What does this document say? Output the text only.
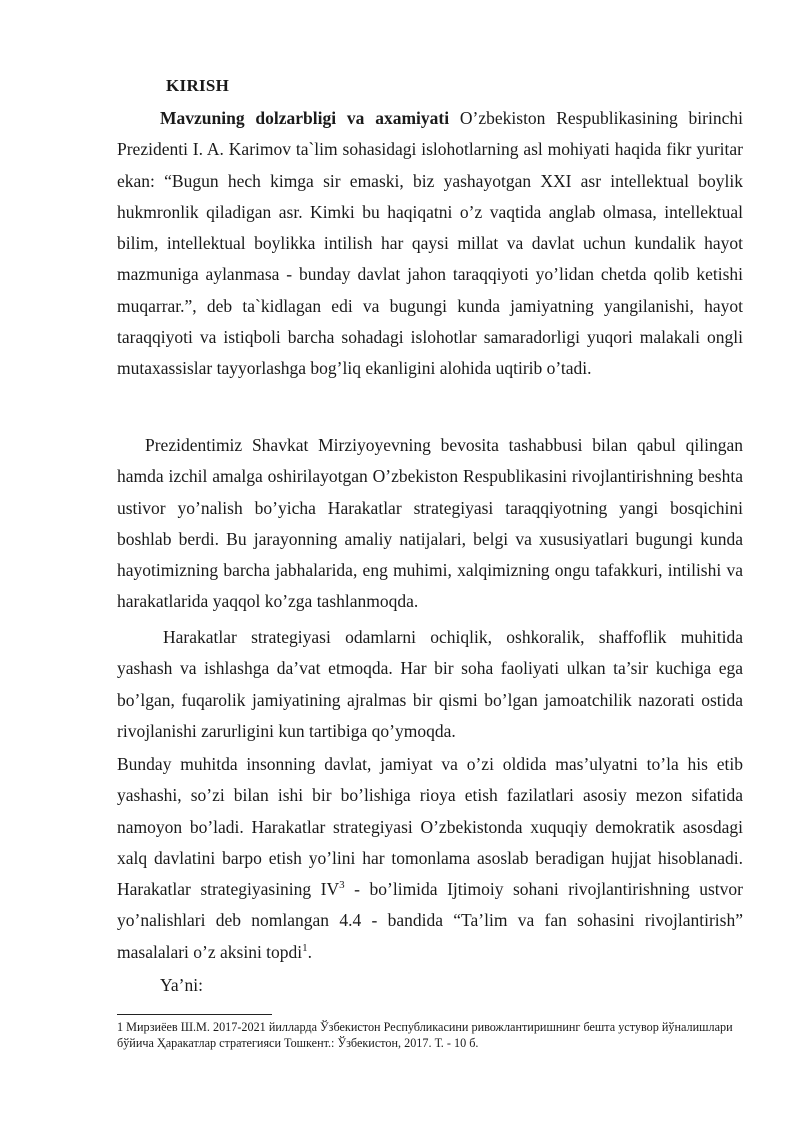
KIRISH

Mavzuning dolzarbligi va axamiyati O’zbekiston Respublikasining birinchi Prezidenti I. A. Karimov ta`lim sohasidagi islohotlarning asl mohiyati haqida fikr yuritar ekan: “Bugun hech kimga sir emaski, biz yashayotgan XXI asr intellektual boylik hukmronlik qiladigan asr. Kimki bu haqiqatni o’z vaqtida anglab olmasa, intellektual bilim, intellektual boylikka intilish har qaysi millat va davlat uchun kundalik hayot mazmuniga aylanmasa - bunday davlat jahon taraqqiyoti yo’lidan chetda qolib ketishi muqarrar.”, deb ta`kidlagan edi va bugungi kunda jamiyatning yangilanishi, hayot taraqqiyoti va istiqboli barcha sohadagi islohotlar samaradorligi yuqori malakali ongli mutaxassislar tayyorlashga bog’liq ekanligini alohida uqtirib o’tadi.

Prezidentimiz Shavkat Mirziyoyevning bevosita tashabbusi bilan qabul qilingan hamda izchil amalga oshirilayotgan O’zbekiston Respublikasini rivojlantirishning beshta ustivor yo’nalish bo’yicha Harakatlar strategiyasi taraqqiyotning yangi bosqichini boshlab berdi. Bu jarayonning amaliy natijalari, belgi va xususiyatlari bugungi kunda hayotimizning barcha jabhalarida, eng muhimi, xalqimizning ongu tafakkuri, intilishi va harakatlarida yaqqol ko’zga tashlanmoqda.

Harakatlar strategiyasi odamlarni ochiqlik, oshkoralik, shaffoflik muhitida yashash va ishlashga da’vat etmoqda. Har bir soha faoliyati ulkan ta’sir kuchiga ega bo’lgan, fuqarolik jamiyatining ajralmas bir qismi bo’lgan jamoatchilik nazorati ostida rivojlanishi zarurligini kun tartibiga qo’ymoqda.

Bunday muhitda insonning davlat, jamiyat va o’zi oldida mas’ulyatni to’la his etib yashashi, so’zi bilan ishi bir bo’lishiga rioya etish fazilatlari asosiy mezon sifatida namoyon bo’ladi. Harakatlar strategiyasi O’zbekistonda xuquqiy demokratik asosdagi xalq davlatini barpo etish yo’lini har tomonlama asoslab beradigan hujjat hisoblanadi. Harakatlar strategiyasining $IV^3$ - bo’limida Ijtimoiy sohani rivojlantirishning ustvor yo’nalishlari deb nomlangan 4.4 - bandida “Ta’lim va fan sohasini rivojlantirish” masalalari o’z aksini topdi$^1$.

Ya’ni:
1 Мирзиёев Ш.М. 2017-2021 йилларда Ўзбекистон Республикасини ривожлантиришнинг бешта устувор йўналишлари бўйича Ҳаракатлар стратегияси Тошкент.: Ўзбекистон, 2017. Т. - 10 б.
